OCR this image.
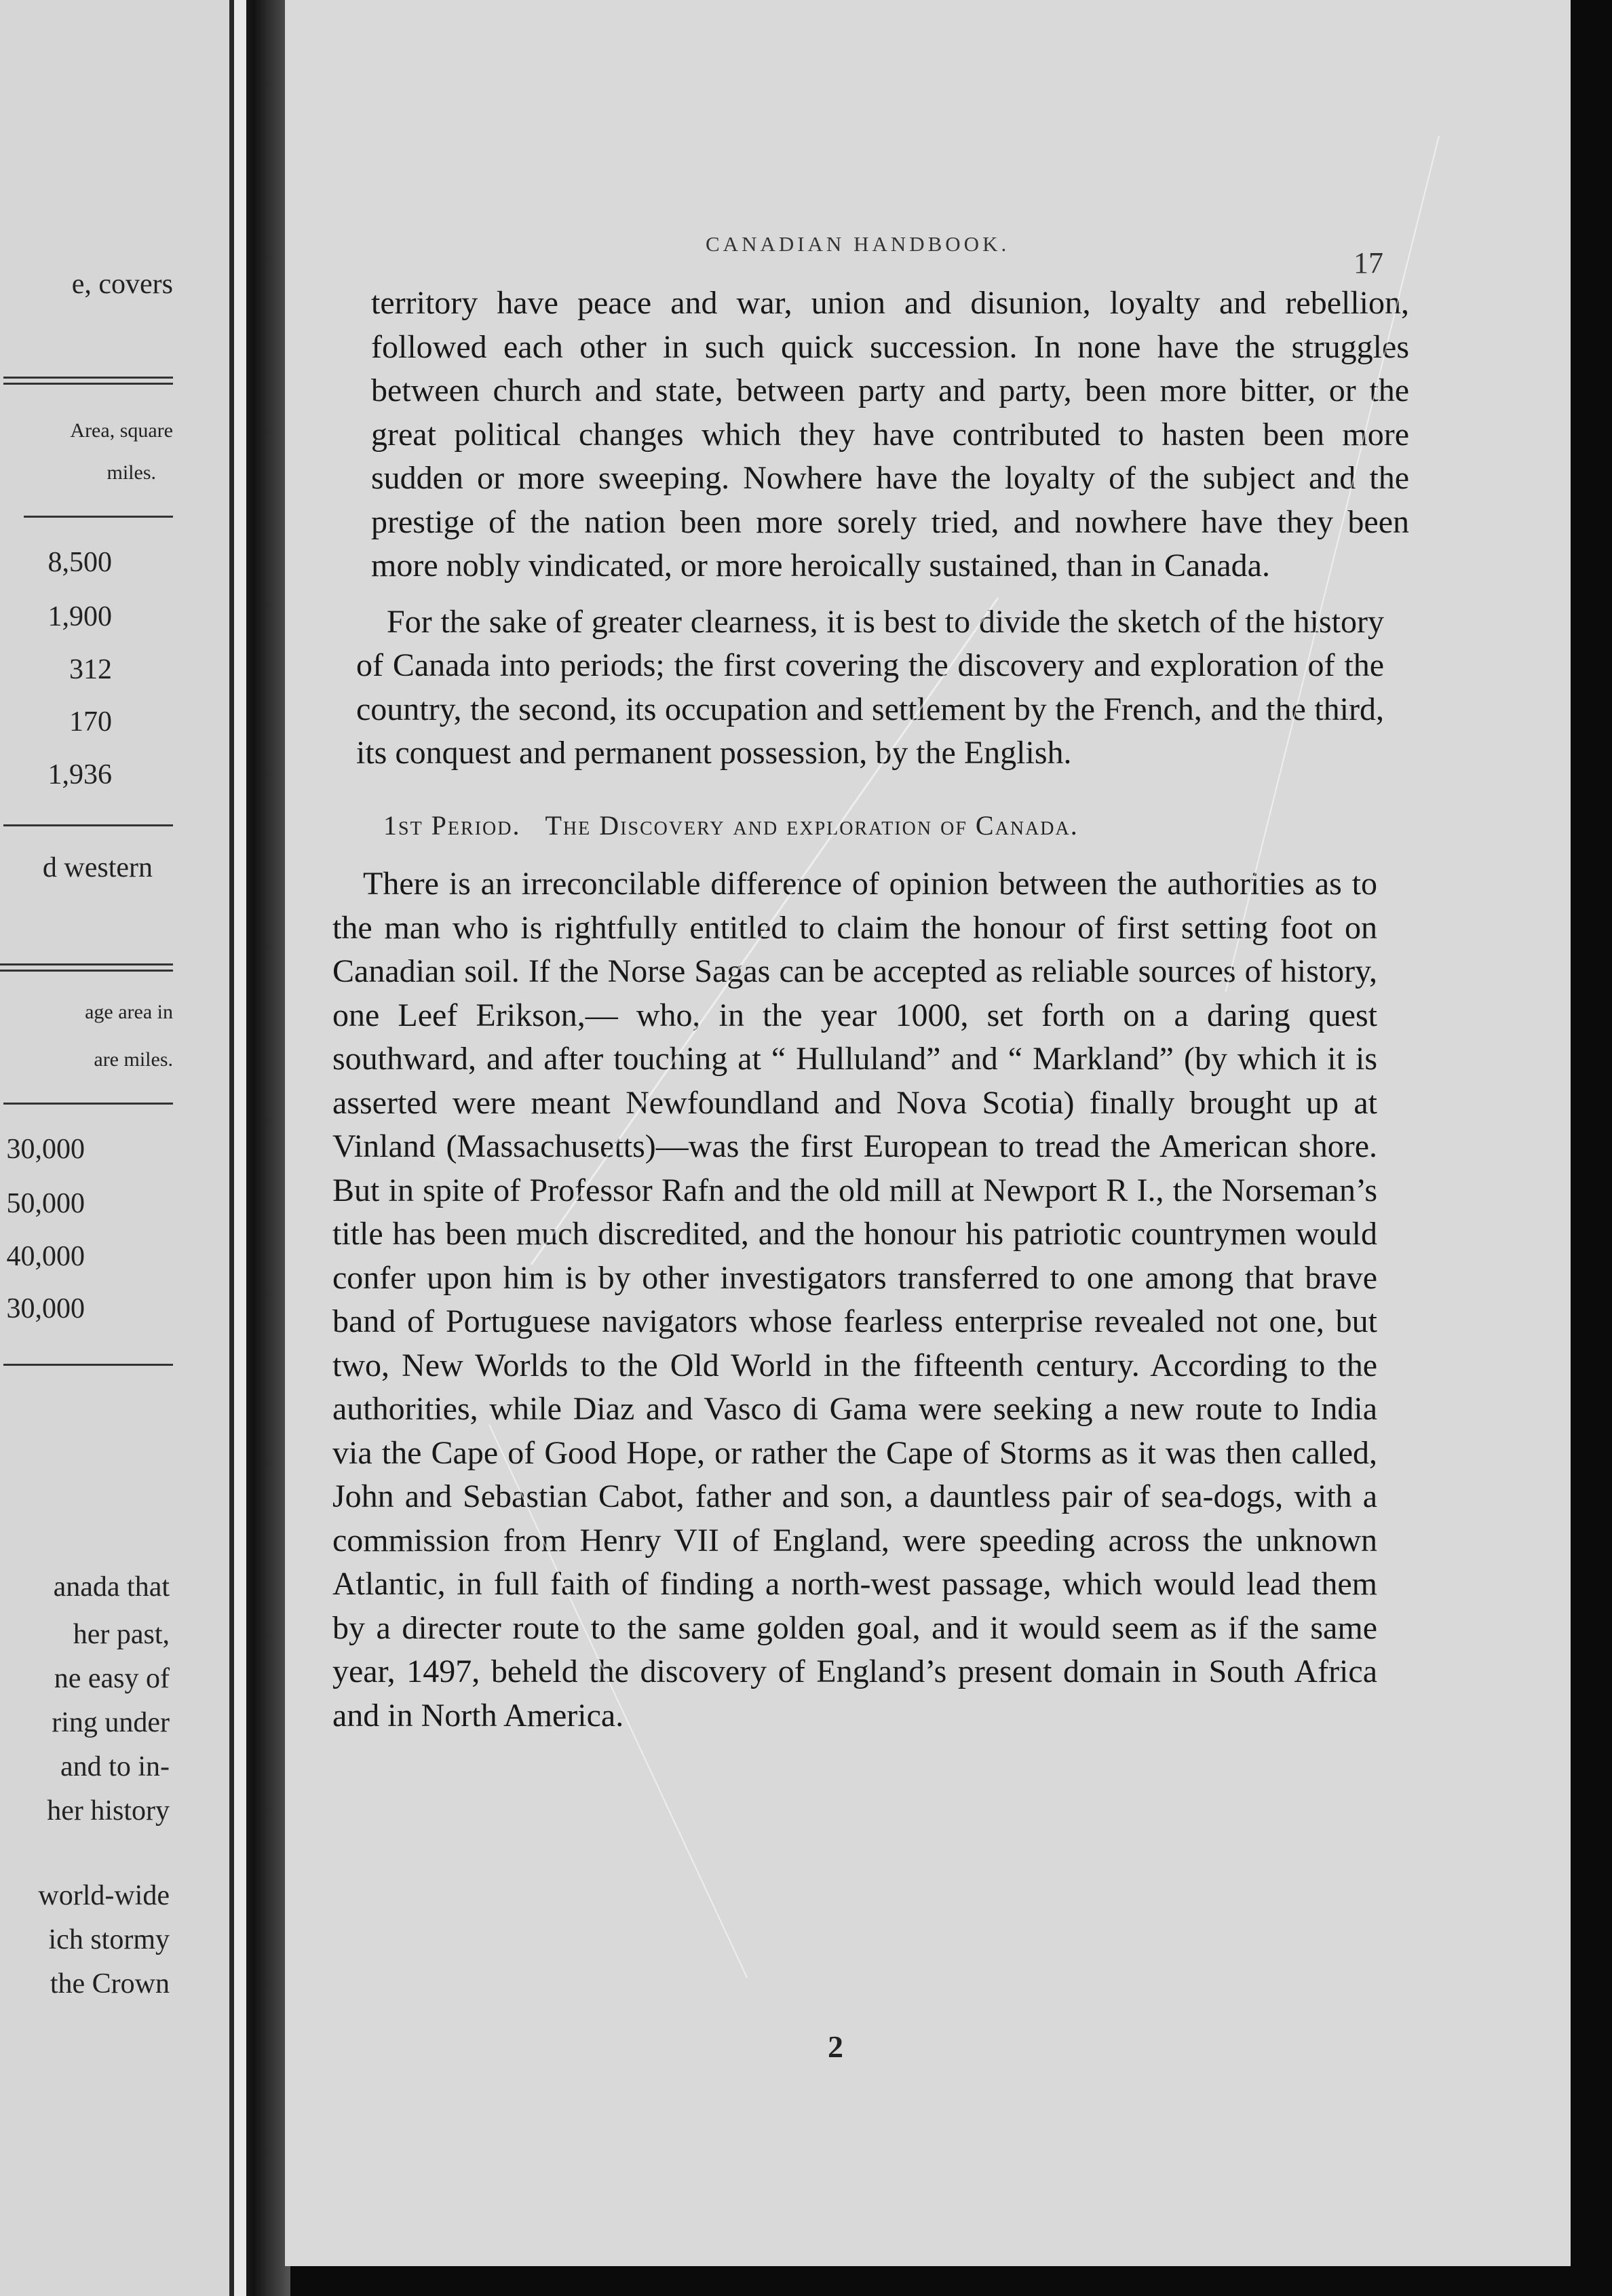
e, covers
Area, square
miles.
8,500
1,900
312
170
1,936
d western
age area in
are miles.
30,000
50,000
40,000
30,000
anada that
her past,
ne easy of
ring under
and to in-
her history
world-wide
ich stormy
the Crown
CANADIAN HANDBOOK.
17

territory have peace and war, union and disunion, loyalty and rebellion, followed each other in such quick succession. In none have the struggles between church and state, between party and party, been more bitter, or the great political changes which they have contributed to hasten been more sudden or more sweeping. Nowhere have the loyalty of the subject and the prestige of the nation been more sorely tried, and nowhere have they been more nobly vindicated, or more heroically sustained, than in Canada.

For the sake of greater clearness, it is best to divide the sketch of the history of Canada into periods; the first covering the discovery and exploration of the country, the second, its occupation and settlement by the French, and the third, its conquest and permanent possession, by the English.

1st Period. The Discovery and exploration of Canada.

There is an irreconcilable difference of opinion between the authorities as to the man who is rightfully entitled to claim the honour of first setting foot on Canadian soil. If the Norse Sagas can be accepted as reliable sources of history, one Leef Erikson,— who, in the year 1000, set forth on a daring quest southward, and after touching at “ Hulluland” and “ Markland” (by which it is asserted were meant Newfoundland and Nova Scotia) finally brought up at Vinland (Massachusetts)—was the first European to tread the American shore. But in spite of Professor Rafn and the old mill at Newport R I., the Norseman’s title has been much discredited, and the honour his patriotic countrymen would confer upon him is by other investigators transferred to one among that brave band of Portuguese navigators whose fearless enterprise revealed not one, but two, New Worlds to the Old World in the fifteenth century. According to the authorities, while Diaz and Vasco di Gama were seeking a new route to India via the Cape of Good Hope, or rather the Cape of Storms as it was then called, John and Sebastian Cabot, father and son, a dauntless pair of sea-dogs, with a commission from Henry VII of England, were speeding across the unknown Atlantic, in full faith of finding a north-west passage, which would lead them by a directer route to the same golden goal, and it would seem as if the same year, 1497, beheld the discovery of England’s present domain in South Africa and in North America.

2
